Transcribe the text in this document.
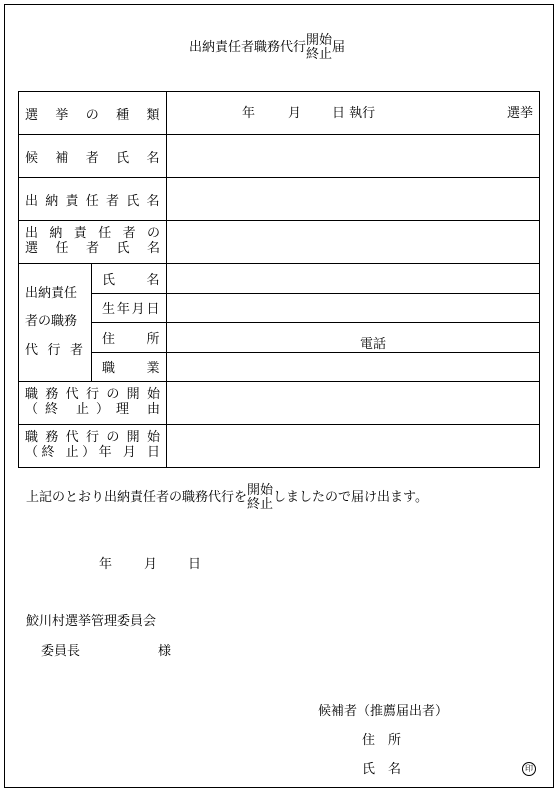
出納責任者職務代行 開始
終止 届
選 挙 の 種 類		年 月 日 執行 選挙

候 補 者 氏 名		
出納責任者氏名		

出 納 責 任 者 の
選 任 者 氏 名		

出納責任
者の職務
代 行 者	氏 名	
	生年月日	
	住 所	電話

	職 業	

職 務 代 行 の 開 始
（終 止）理 由		

職 務 代 行 の 開 始
（終 止）年 月 日		

上記のとおり出納責任者の職務代行を 開始
終止 しましたので届け出ます。
年 月 日
鮫川村選挙管理委員会
委員長	様
候補者（推薦届出者）
住　所
氏　名	印
